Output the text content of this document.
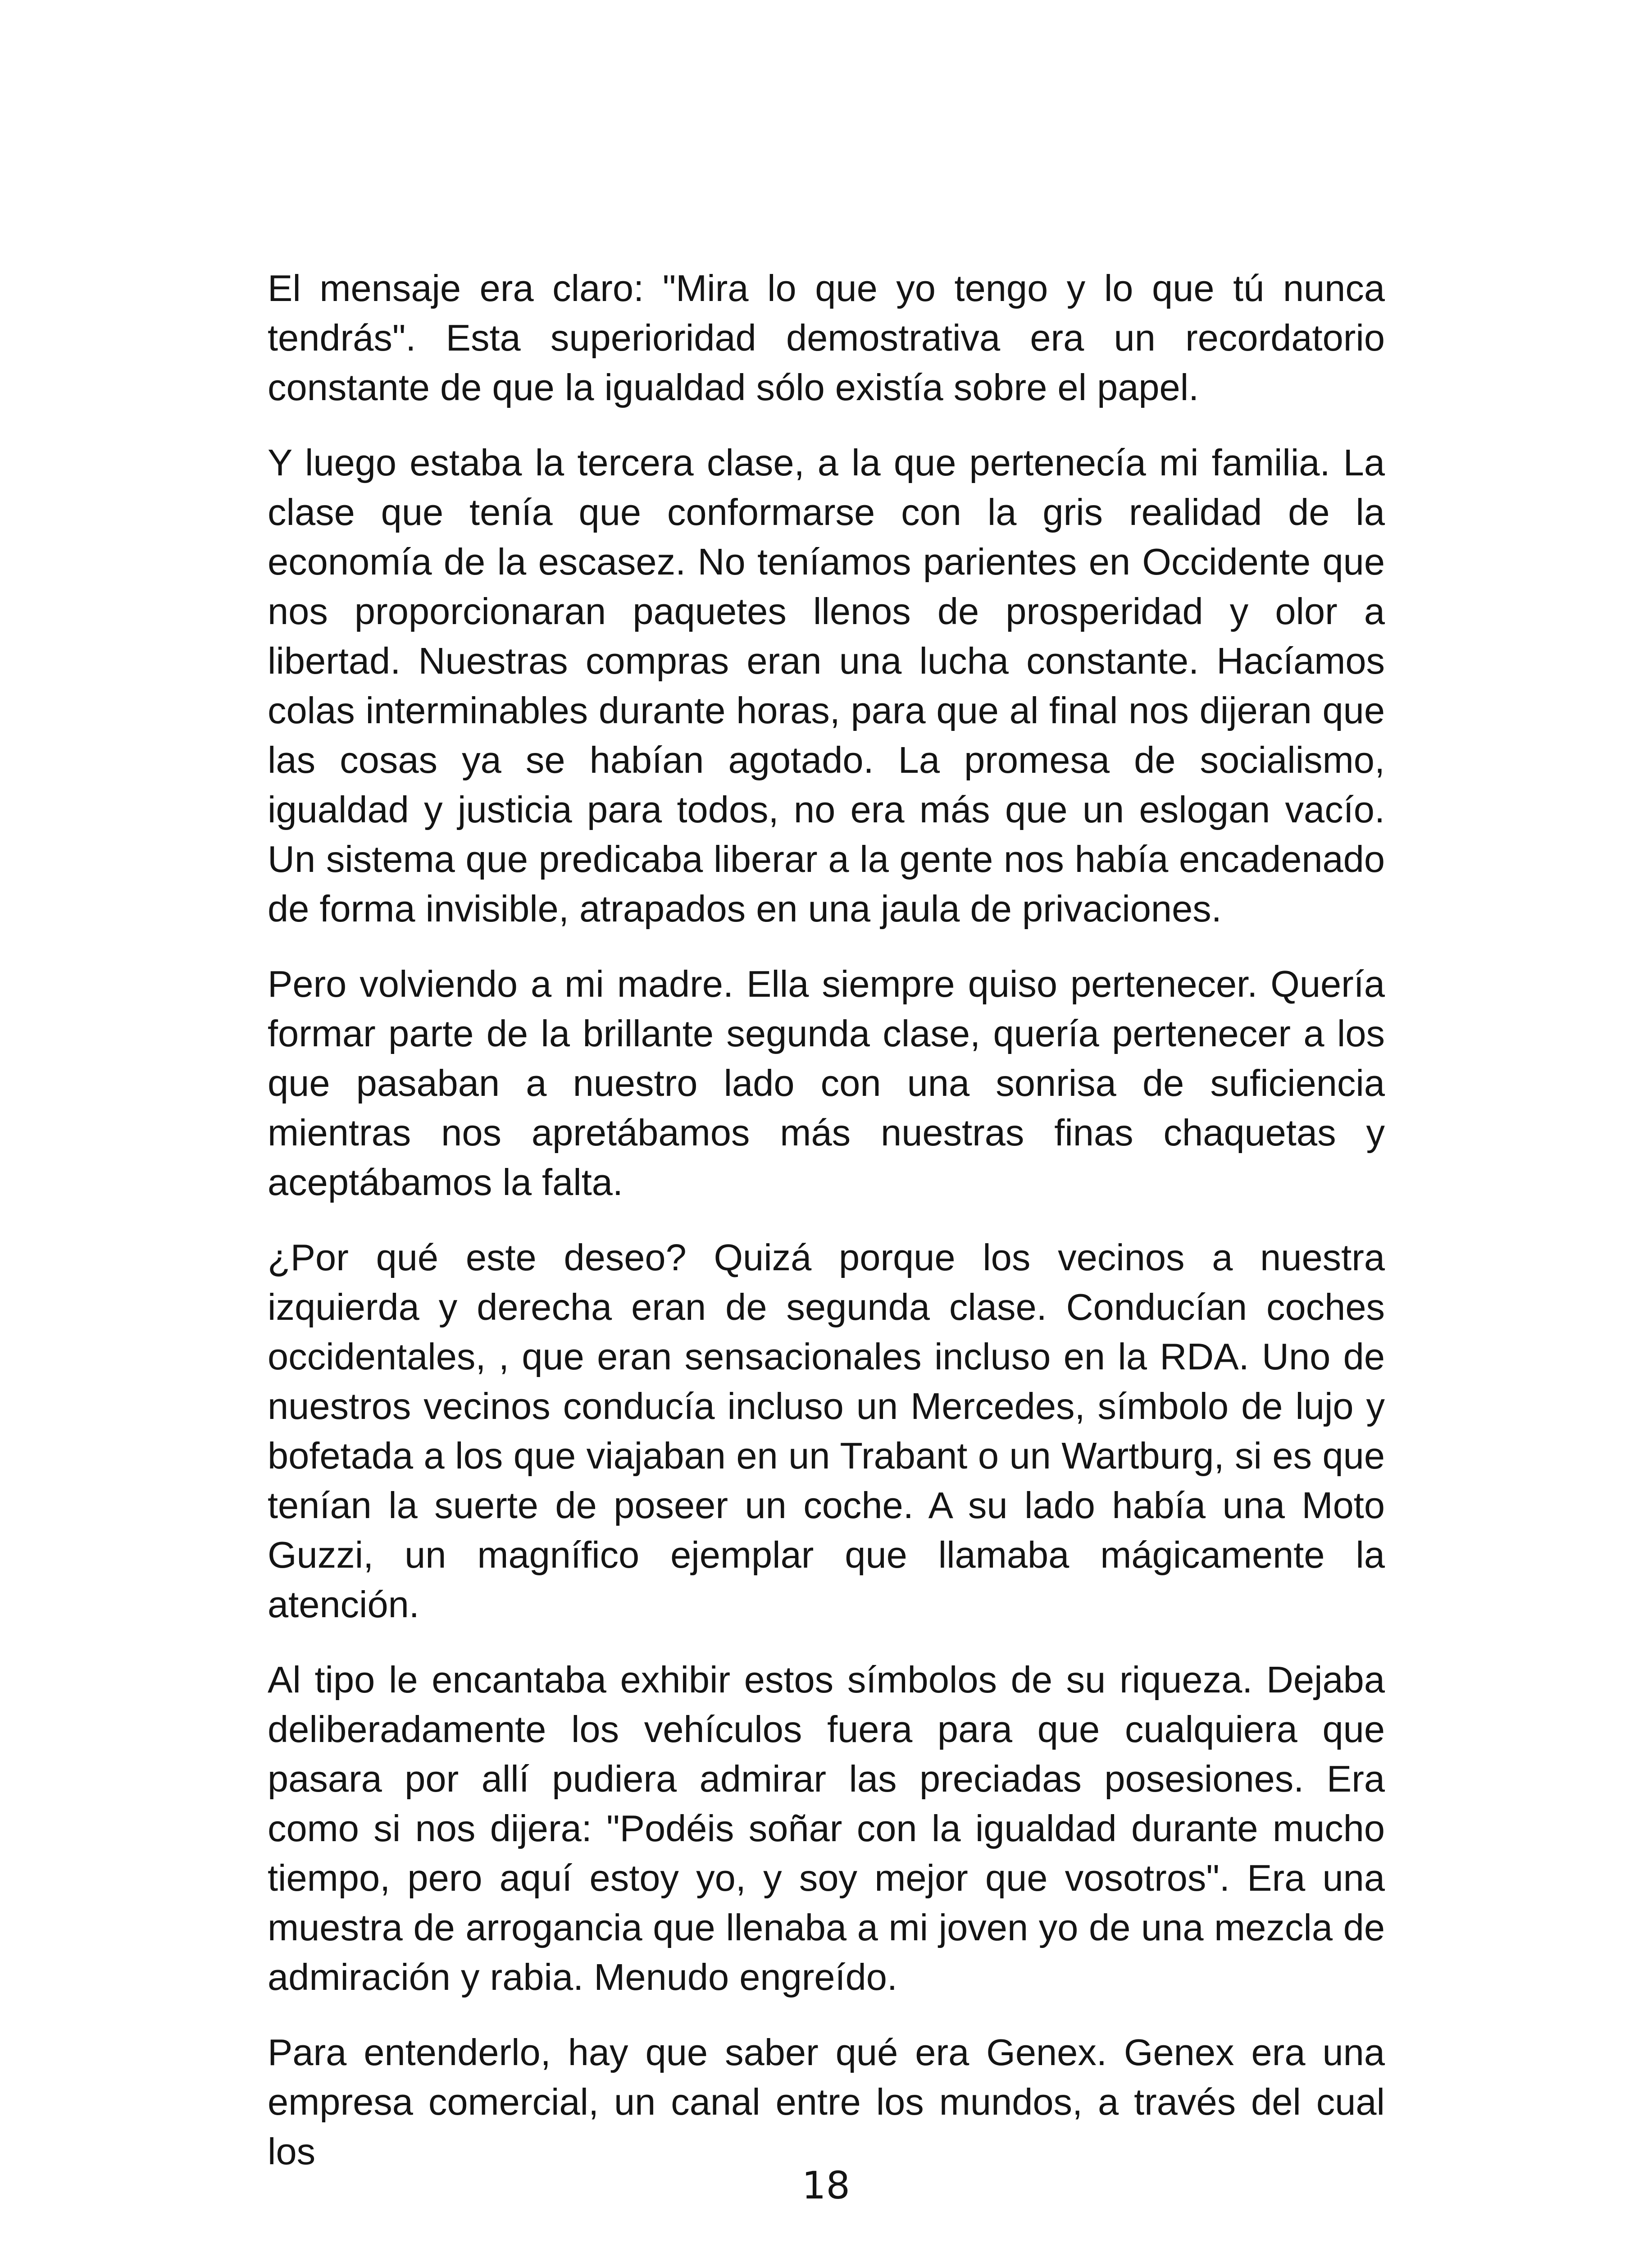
El mensaje era claro: "Mira lo que yo tengo y lo que tú nunca tendrás". Esta superioridad demostrativa era un recordatorio constante de que la igualdad sólo existía sobre el papel.

Y luego estaba la tercera clase, a la que pertenecía mi familia. La clase que tenía que conformarse con la gris realidad de la economía de la escasez. No teníamos parientes en Occidente que nos proporcionaran paquetes llenos de prosperidad y olor a libertad. Nuestras compras eran una lucha constante. Hacíamos colas interminables durante horas, para que al final nos dijeran que las cosas ya se habían agotado. La promesa de socialismo, igualdad y justicia para todos, no era más que un eslogan vacío. Un sistema que predicaba liberar a la gente nos había encadenado de forma invisible, atrapados en una jaula de privaciones.

Pero volviendo a mi madre. Ella siempre quiso pertenecer. Quería formar parte de la brillante segunda clase, quería pertenecer a los que pasaban a nuestro lado con una sonrisa de suficiencia mientras nos apretábamos más nuestras finas chaquetas y aceptábamos la falta.

¿Por qué este deseo? Quizá porque los vecinos a nuestra izquierda y derecha eran de segunda clase. Conducían coches occidentales, , que eran sensacionales incluso en la RDA. Uno de nuestros vecinos conducía incluso un Mercedes, símbolo de lujo y bofetada a los que viajaban en un Trabant o un Wartburg, si es que tenían la suerte de poseer un coche. A su lado había una Moto Guzzi, un magnífico ejemplar que llamaba mágicamente la atención.

Al tipo le encantaba exhibir estos símbolos de su riqueza. Dejaba deliberadamente los vehículos fuera para que cualquiera que pasara por allí pudiera admirar las preciadas posesiones. Era como si nos dijera: "Podéis soñar con la igualdad durante mucho tiempo, pero aquí estoy yo, y soy mejor que vosotros". Era una muestra de arrogancia que llenaba a mi joven yo de una mezcla de admiración y rabia. Menudo engreído.

Para entenderlo, hay que saber qué era Genex. Genex era una empresa comercial, un canal entre los mundos, a través del cual los

18
